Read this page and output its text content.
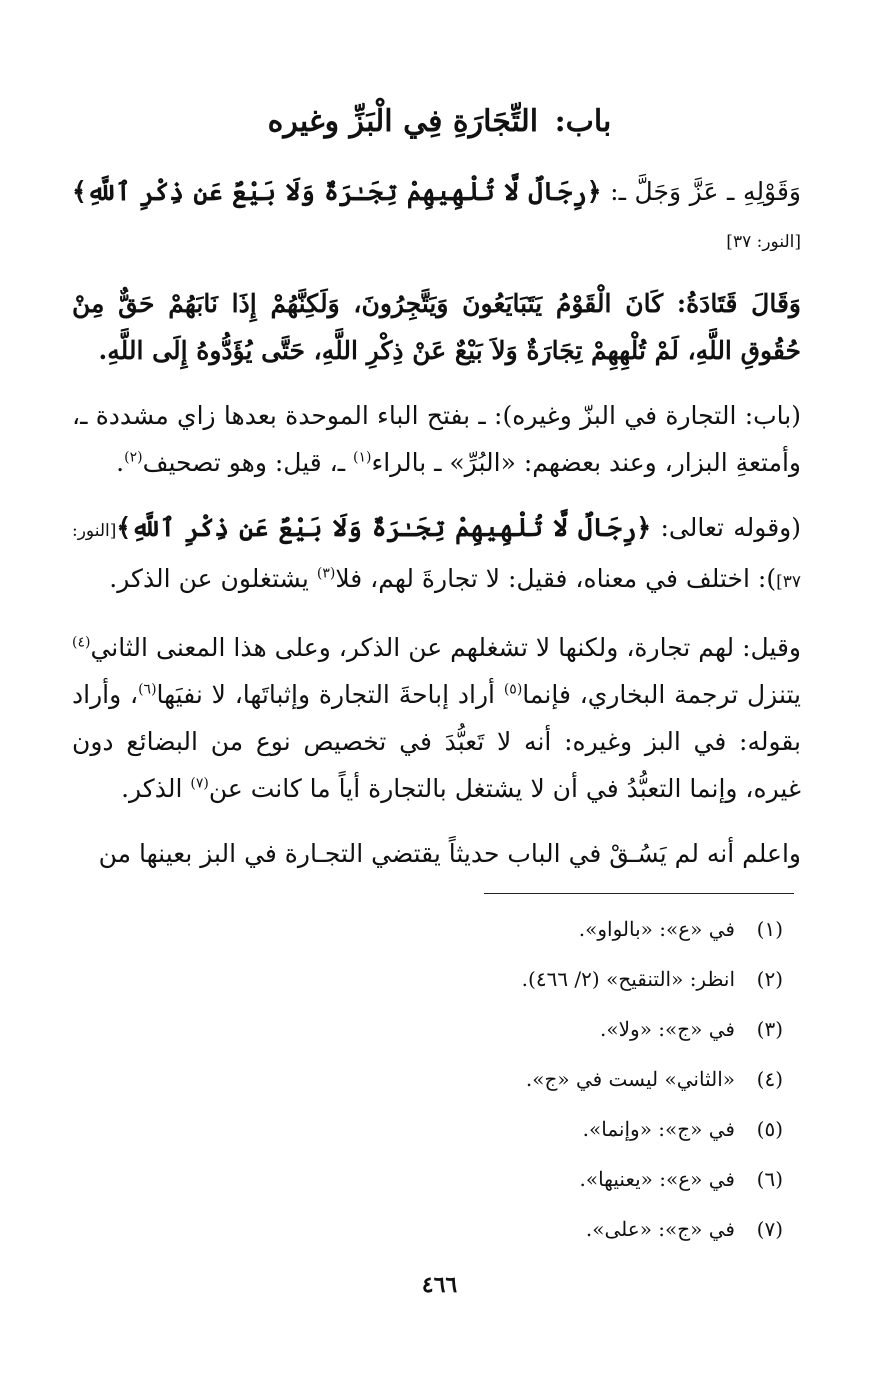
باب: التِّجَارَةِ فِي الْبَزِّ وغيره

وَقَوْلِهِ ـ عَزَّ وَجَلَّ ـ: ﴿رِجَالٌ لَّا تُلْهِيهِمْ تِجَـٰرَةٌ وَلَا بَيْعٌ عَن ذِكْرِ ٱللَّهِ﴾ [النور: ٣٧]

وَقَالَ قَتَادَةُ: كَانَ الْقَوْمُ يَتَبَايَعُونَ وَيَتَّجِرُونَ، وَلَكِنَّهُمْ إِذَا نَابَهُمْ حَقٌّ مِنْ حُقُوقِ اللَّهِ، لَمْ تُلْهِهِمْ تِجَارَةٌ وَلاَ بَيْعٌ عَنْ ذِكْرِ اللَّهِ، حَتَّى يُؤَدُّوهُ إِلَى اللَّهِ.

(باب: التجارة في البزّ وغيره): ـ بفتح الباء الموحدة بعدها زاي مشددة ـ، وأمتعةِ البزار، وعند بعضهم: «البُرِّ» ـ بالراء$^{(١)}$ ـ، قيل: وهو تصحيف$^{(٢)}$.

(وقوله تعالى: ﴿رِجَالٌ لَّا تُلْهِيهِمْ تِجَـٰرَةٌ وَلَا بَيْعٌ عَن ذِكْرِ ٱللَّهِ﴾[النور: ٣٧]): اختلف في معناه، فقيل: لا تجارةَ لهم، فلا$^{(٣)}$ يشتغلون عن الذكر.

وقيل: لهم تجارة، ولكنها لا تشغلهم عن الذكر، وعلى هذا المعنى الثاني$^{(٤)}$ يتنزل ترجمة البخاري، فإنما$^{(٥)}$ أراد إباحةَ التجارة وإثباتَها، لا نفيَها$^{(٦)}$، وأراد بقوله: في البز وغيره: أنه لا تَعبُّدَ في تخصيص نوع من البضائع دون غيره، وإنما التعبُّدُ في أن لا يشتغل بالتجارة أياً ما كانت عن$^{(٧)}$ الذكر.

واعلم أنه لم يَسُـقْ في الباب حديثاً يقتضي التجـارة في البز بعينها من

(١)في «ع»: «بالواو».
(٢)انظر: «التنقيح» (٢/ ٤٦٦).
(٣)في «ج»: «ولا».
(٤)«الثاني» ليست في «ج».
(٥)في «ج»: «وإنما».
(٦)في «ع»: «يعنيها».
(٧)في «ج»: «على».
٤٦٦
